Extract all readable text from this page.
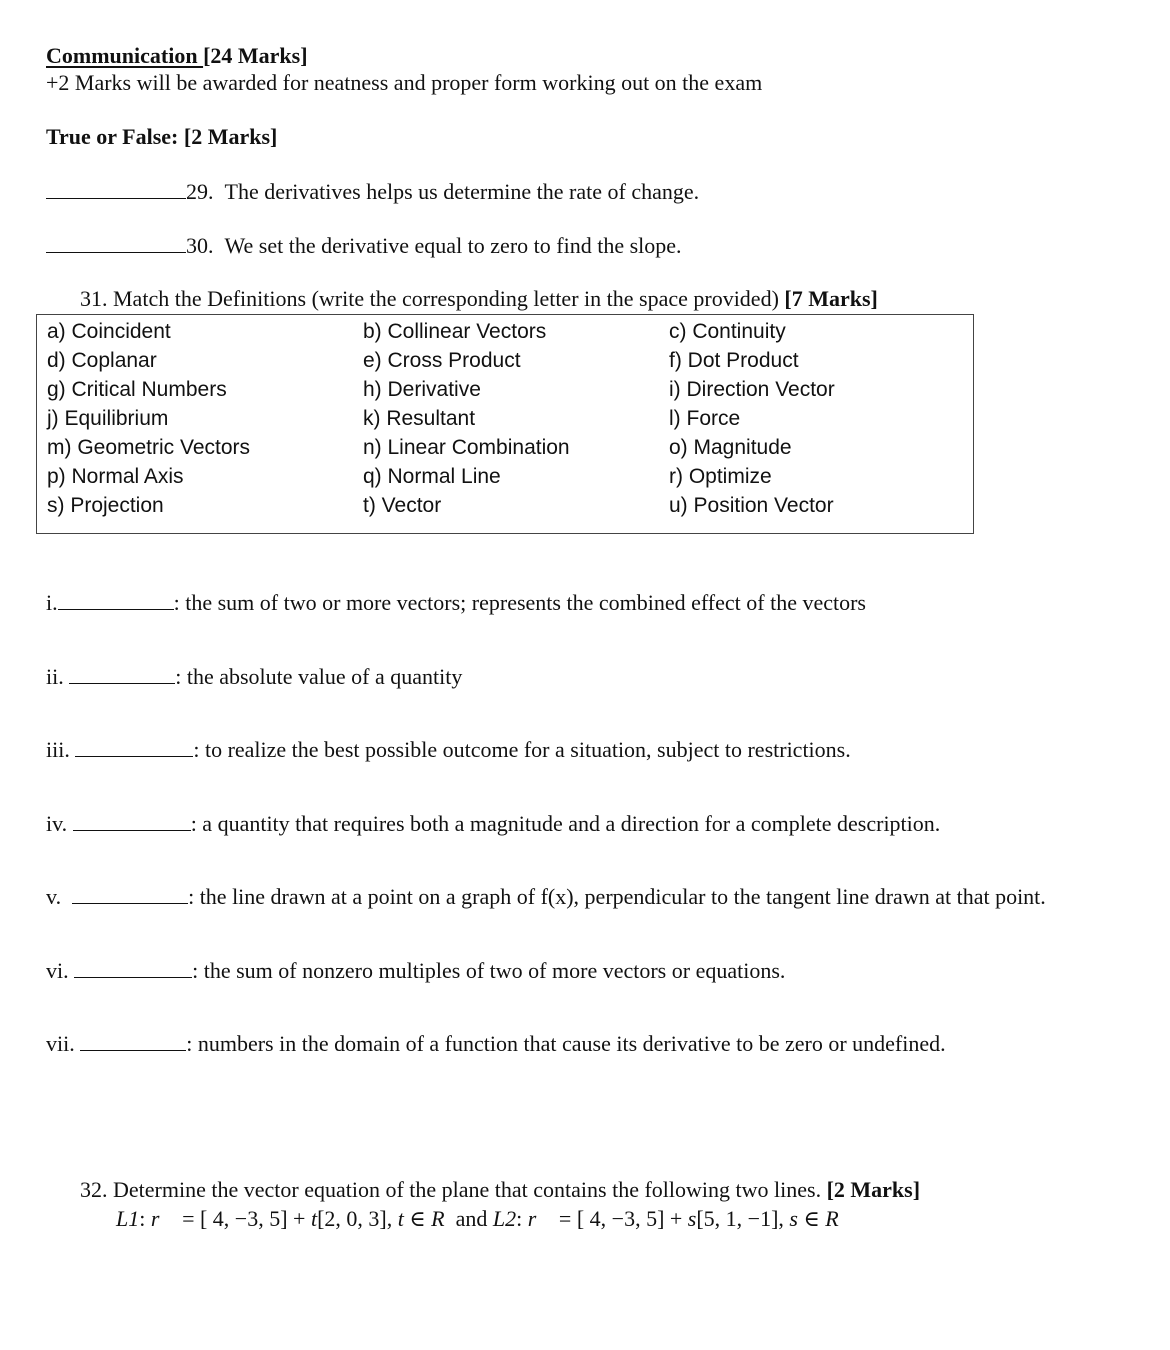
Communication [24 Marks]
+2 Marks will be awarded for neatness and proper form working out on the exam
True or False: [2 Marks]
29. The derivatives helps us determine the rate of change.
30. We set the derivative equal to zero to find the slope.
31. Match the Definitions (write the corresponding letter in the space provided) [7 Marks]
a) Coincident	b) Collinear Vectors	c) Continuity
d) Coplanar	e) Cross Product	f) Dot Product
g) Critical Numbers	h) Derivative	i) Direction Vector
j) Equilibrium	k) Resultant	l) Force
m) Geometric Vectors	n) Linear Combination	o) Magnitude
p) Normal Axis	q) Normal Line	r) Optimize
s) Projection	t) Vector	u) Position Vector
i.	: the sum of two or more vectors; represents the combined effect of the vectors
ii.	: the absolute value of a quantity
iii.	: to realize the best possible outcome for a situation, subject to restrictions.
iv.	: a quantity that requires both a magnitude and a direction for a complete description.
v.	: the line drawn at a point on a graph of f(x), perpendicular to the tangent line drawn at that point.
vi.	: the sum of nonzero multiples of two of more vectors or equations.
vii.	: numbers in the domain of a function that cause its derivative to be zero or undefined.
32. Determine the vector equation of the plane that contains the following two lines. [2 Marks]
L1: r⃗ = [ 4, −3, 5] + t[2, 0, 3], t ∈ R and L2: r⃗ = [ 4, −3, 5] + s[5, 1, −1], s ∈ R
